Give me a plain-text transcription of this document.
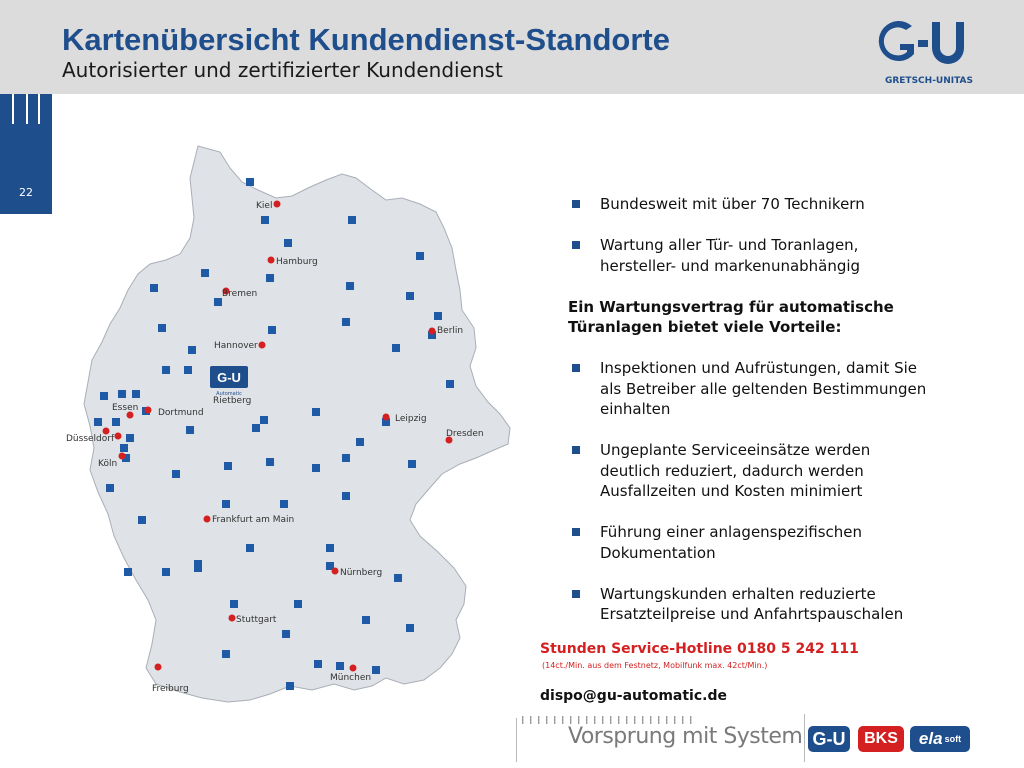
Kartenübersicht Kundendienst-Standorte
Autorisierter und zertifizierter Kundendienst	GRETSCH-UNITAS
22
Kiel
Hamburg
Bremen
Hannover
Berlin
Essen Dortmund
Düsseldorf
Köln
Leipzig
Dresden
Frankfurt am Main
Nürnberg
Stuttgart
München
Freiburg
G-U
Automatic
Rietberg
Bundesweit mit über 70 Technikern
Wartung aller Tür- und Toranlagen,
hersteller- und markenunabhängig
Ein Wartungsvertrag für automatische
Türanlagen bietet viele Vorteile:
Inspektionen und Aufrüstungen, damit Sie
als Betreiber alle geltenden Bestimmungen
einhalten
Ungeplante Serviceeinsätze werden
deutlich reduziert, dadurch werden
Ausfallzeiten und Kosten minimiert
Führung einer anlagenspezifischen
Dokumentation
Wartungskunden erhalten reduzierte
Ersatzteilpreise und Anfahrtspauschalen
Stunden Service-Hotline 0180 5 242 111
(14ct./Min. aus dem Festnetz, Mobilfunk max. 42ct/Min.)
dispo@gu-automatic.de
Vorsprung mit System G-U	BKS	ela soft
